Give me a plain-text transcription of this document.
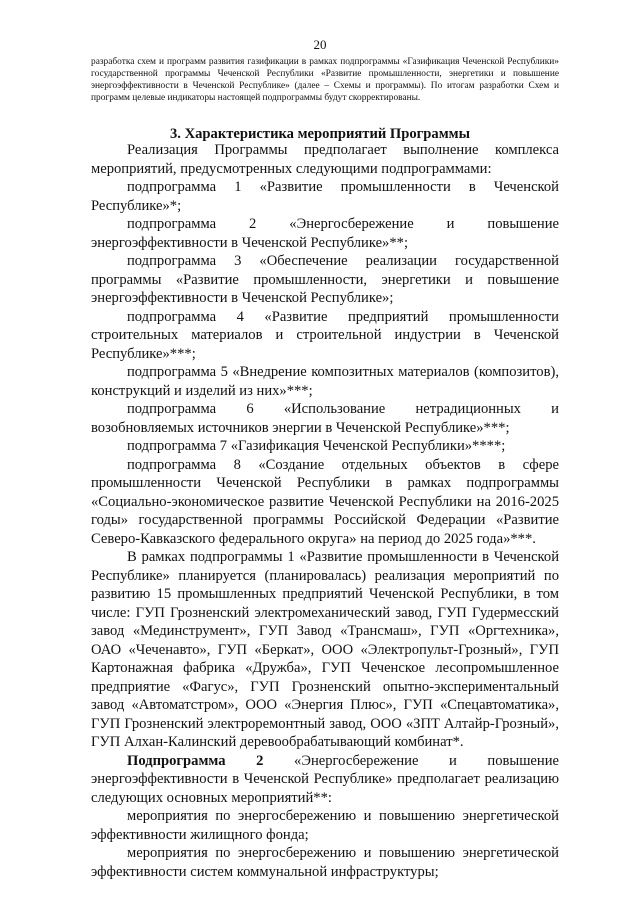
20
разработка схем и программ развития газификации в рамках подпрограммы «Газификация Чеченской Республики» государственной программы Чеченской Республики «Развитие промышленности, энергетики и повышение энергоэффективности в Чеченской Республике» (далее – Схемы и программы). По итогам разработки Схем и программ целевые индикаторы настоящей подпрограммы будут скорректированы.
3. Характеристика мероприятий Программы

Реализация Программы предполагает выполнение комплекса мероприятий, предусмотренных следующими подпрограммами:

подпрограмма 1 «Развитие промышленности в Чеченской Республике»*;

подпрограмма 2 «Энергосбережение и повышение энергоэффективности в Чеченской Республике»**;

подпрограмма 3 «Обеспечение реализации государственной программы «Развитие промышленности, энергетики и повышение энергоэффективности в Чеченской Республике»;

подпрограмма 4 «Развитие предприятий промышленности строительных материалов и строительной индустрии в Чеченской Республике»***;

подпрограмма 5 «Внедрение композитных материалов (композитов), конструкций и изделий из них»***;

подпрограмма 6 «Использование нетрадиционных и возобновляемых источников энергии в Чеченской Республике»***;

подпрограмма 7 «Газификация Чеченской Республики»****;

подпрограмма 8 «Создание отдельных объектов в сфере промышленности Чеченской Республики в рамках подпрограммы «Социально-экономическое развитие Чеченской Республики на 2016-2025 годы» государственной программы Российской Федерации «Развитие Северо-Кавказского федерального округа» на период до 2025 года»***.

В рамках подпрограммы 1 «Развитие промышленности в Чеченской Республике» планируется (планировалась) реализация мероприятий по развитию 15 промышленных предприятий Чеченской Республики, в том числе: ГУП Грозненский электромеханический завод, ГУП Гудермесский завод «Мединструмент», ГУП Завод «Трансмаш», ГУП «Оргтехника», ОАО «Чеченавто», ГУП «Беркат», ООО «Электропульт-Грозный», ГУП Картонажная фабрика «Дружба», ГУП Чеченское лесопромышленное предприятие «Фагус», ГУП Грозненский опытно-экспериментальный завод «Автоматстром», ООО «Энергия Плюс», ГУП «Спецавтоматика», ГУП Грозненский электроремонтный завод, ООО «ЗПТ Алтайр-Грозный», ГУП Алхан-Калинский деревообрабатывающий комбинат*.

Подпрограмма 2 «Энергосбережение и повышение энергоэффективности в Чеченской Республике» предполагает реализацию следующих основных мероприятий**:

мероприятия по энергосбережению и повышению энергетической эффективности жилищного фонда;

мероприятия по энергосбережению и повышению энергетической эффективности систем коммунальной инфраструктуры;
